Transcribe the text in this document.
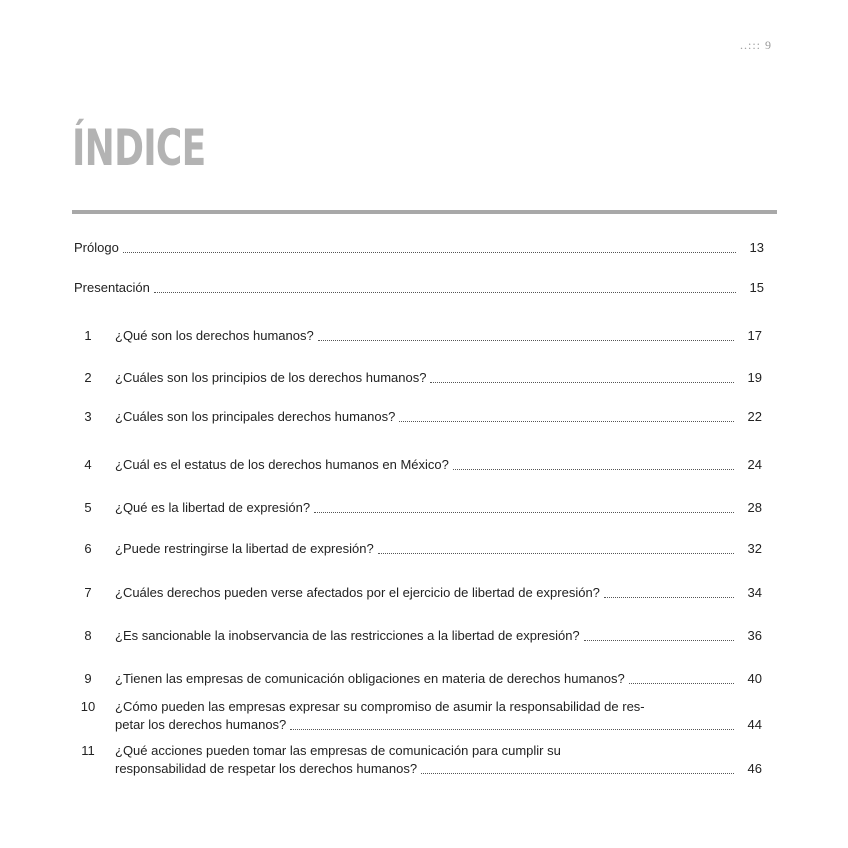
..::: 9
ÍNDICE
Prólogo	13
Presentación	15
1	¿Qué son los derechos humanos?	17
2	¿Cuáles son los principios de los derechos humanos?	19
3	¿Cuáles son los principales derechos humanos?	22
4	¿Cuál es el estatus de los derechos humanos en México?	24
5	¿Qué es la libertad de expresión?	28
6	¿Puede restringirse la libertad de expresión?	32
7	¿Cuáles derechos pueden verse afectados por el ejercicio de libertad de expresión?	34
8	¿Es sancionable la inobservancia de las restricciones a la libertad de expresión?	36
9	¿Tienen las empresas de comunicación obligaciones en materia de derechos humanos?	40
10 ¿Cómo pueden las empresas expresar su compromiso de asumir la responsabilidad de res-
petar los derechos humanos?	44
11 ¿Qué acciones pueden tomar las empresas de comunicación para cumplir su
responsabilidad de respetar los derechos humanos?	46
